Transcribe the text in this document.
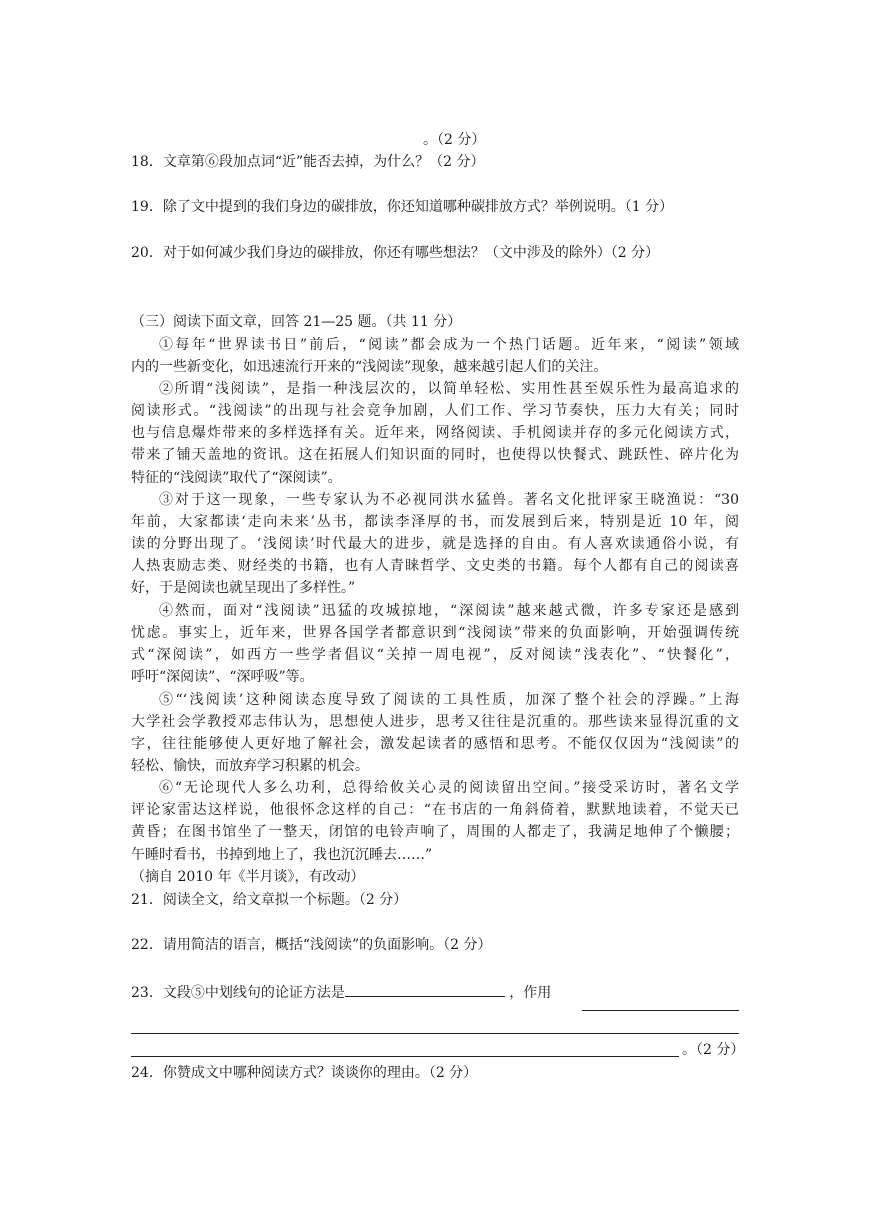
。（2 分）
18．文章第⑥段加点词“近”能否去掉，为什么？（2 分）
19．除了文中提到的我们身边的碳排放，你还知道哪种碳排放方式？举例说明。（1 分）
20．对于如何减少我们身边的碳排放，你还有哪些想法？（文中涉及的除外）（2 分）
（三）阅读下面文章，回答 21—25 题。（共 11 分）
①每年“世界读书日”前后，“阅读”都会成为一个热门话题。近年来，“阅读”领域
内的一些新变化，如迅速流行开来的“浅阅读”现象，越来越引起人们的关注。
②所谓“浅阅读”，是指一种浅层次的，以简单轻松、实用性甚至娱乐性为最高追求的
阅读形式。“浅阅读”的出现与社会竞争加剧，人们工作、学习节奏快，压力大有关；同时
也与信息爆炸带来的多样选择有关。近年来，网络阅读、手机阅读并存的多元化阅读方式，
带来了铺天盖地的资讯。这在拓展人们知识面的同时，也使得以快餐式、跳跃性、碎片化为
特征的“浅阅读”取代了“深阅读”。
③对于这一现象，一些专家认为不必视同洪水猛兽。著名文化批评家王晓渔说：“30
年前，大家都读‘走向未来’丛书，都读李泽厚的书，而发展到后来，特别是近 10 年，阅
读的分野出现了。‘浅阅读’时代最大的进步，就是选择的自由。有人喜欢读通俗小说，有
人热衷励志类、财经类的书籍，也有人青睐哲学、文史类的书籍。每个人都有自己的阅读喜
好，于是阅读也就呈现出了多样性。”
④然而，面对“浅阅读”迅猛的攻城掠地，“深阅读”越来越式微，许多专家还是感到
忧虑。事实上，近年来，世界各国学者都意识到“浅阅读”带来的负面影响，开始强调传统
式“深阅读”，如西方一些学者倡议“关掉一周电视”，反对阅读“浅表化”、“快餐化”，
呼吁“深阅读”、“深呼吸”等。
⑤“‘浅阅读’这种阅读态度导致了阅读的工具性质，加深了整个社会的浮躁。”上海
大学社会学教授邓志伟认为，思想使人进步，思考又往往是沉重的。那些读来显得沉重的文
字，往往能够使人更好地了解社会，激发起读者的感悟和思考。不能仅仅因为“浅阅读”的
轻松、愉快，而放弃学习积累的机会。
⑥“无论现代人多么功利，总得给攸关心灵的阅读留出空间。”接受采访时，著名文学
评论家雷达这样说，他很怀念这样的自己：“在书店的一角斜倚着，默默地读着，不觉天已
黄昏；在图书馆坐了一整天，闭馆的电铃声响了，周围的人都走了，我满足地伸了个懒腰；
午睡时看书，书掉到地上了，我也沉沉睡去……”
（摘自 2010 年《半月谈》，有改动）
21．阅读全文，给文章拟一个标题。（2 分）
22．请用简洁的语言，概括“浅阅读”的负面影响。（2 分）
23．文段⑤中划线句的论证方法是	，作用
。（2 分）
24．你赞成文中哪种阅读方式？谈谈你的理由。（2 分）
